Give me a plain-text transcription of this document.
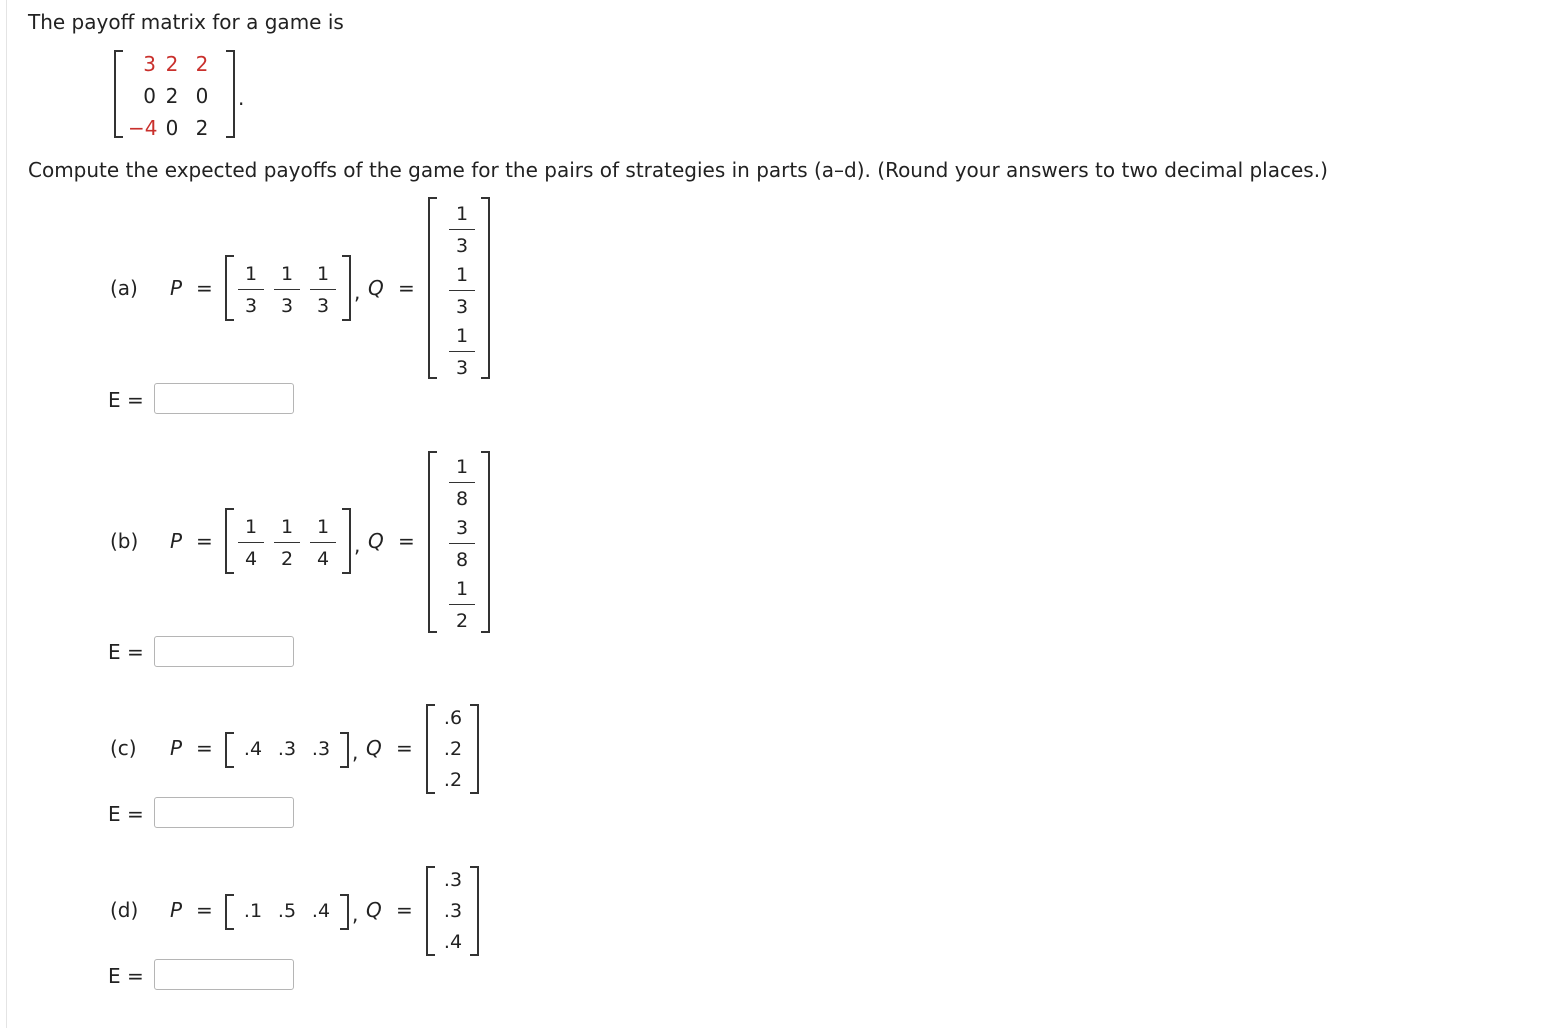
The payoff matrix for a game is
3 2 2
0 2 0
−4 0 2
.
Compute the expected payoffs of the game for the pairs of strategies in parts (a–d). (Round your answers to two decimal places.)
(a) $P = \frac{1}{3} \frac{1}{3} \frac{1}{3}$ , Q =
$\frac{1}{3}$
$\frac{1}{3}$
$\frac{1}{3}$
E =
(b) $P = \frac{1}{4} \frac{1}{2} \frac{1}{4}$ , Q =
$\frac{1}{8}$
$\frac{3}{8}$
$\frac{1}{2}$
E =
(c) P =	.4 .3 .3 , Q =
.6
.2
.2
E =
(d) P =	.1 .5 .4 , Q =
.3
.3
.4
E =
